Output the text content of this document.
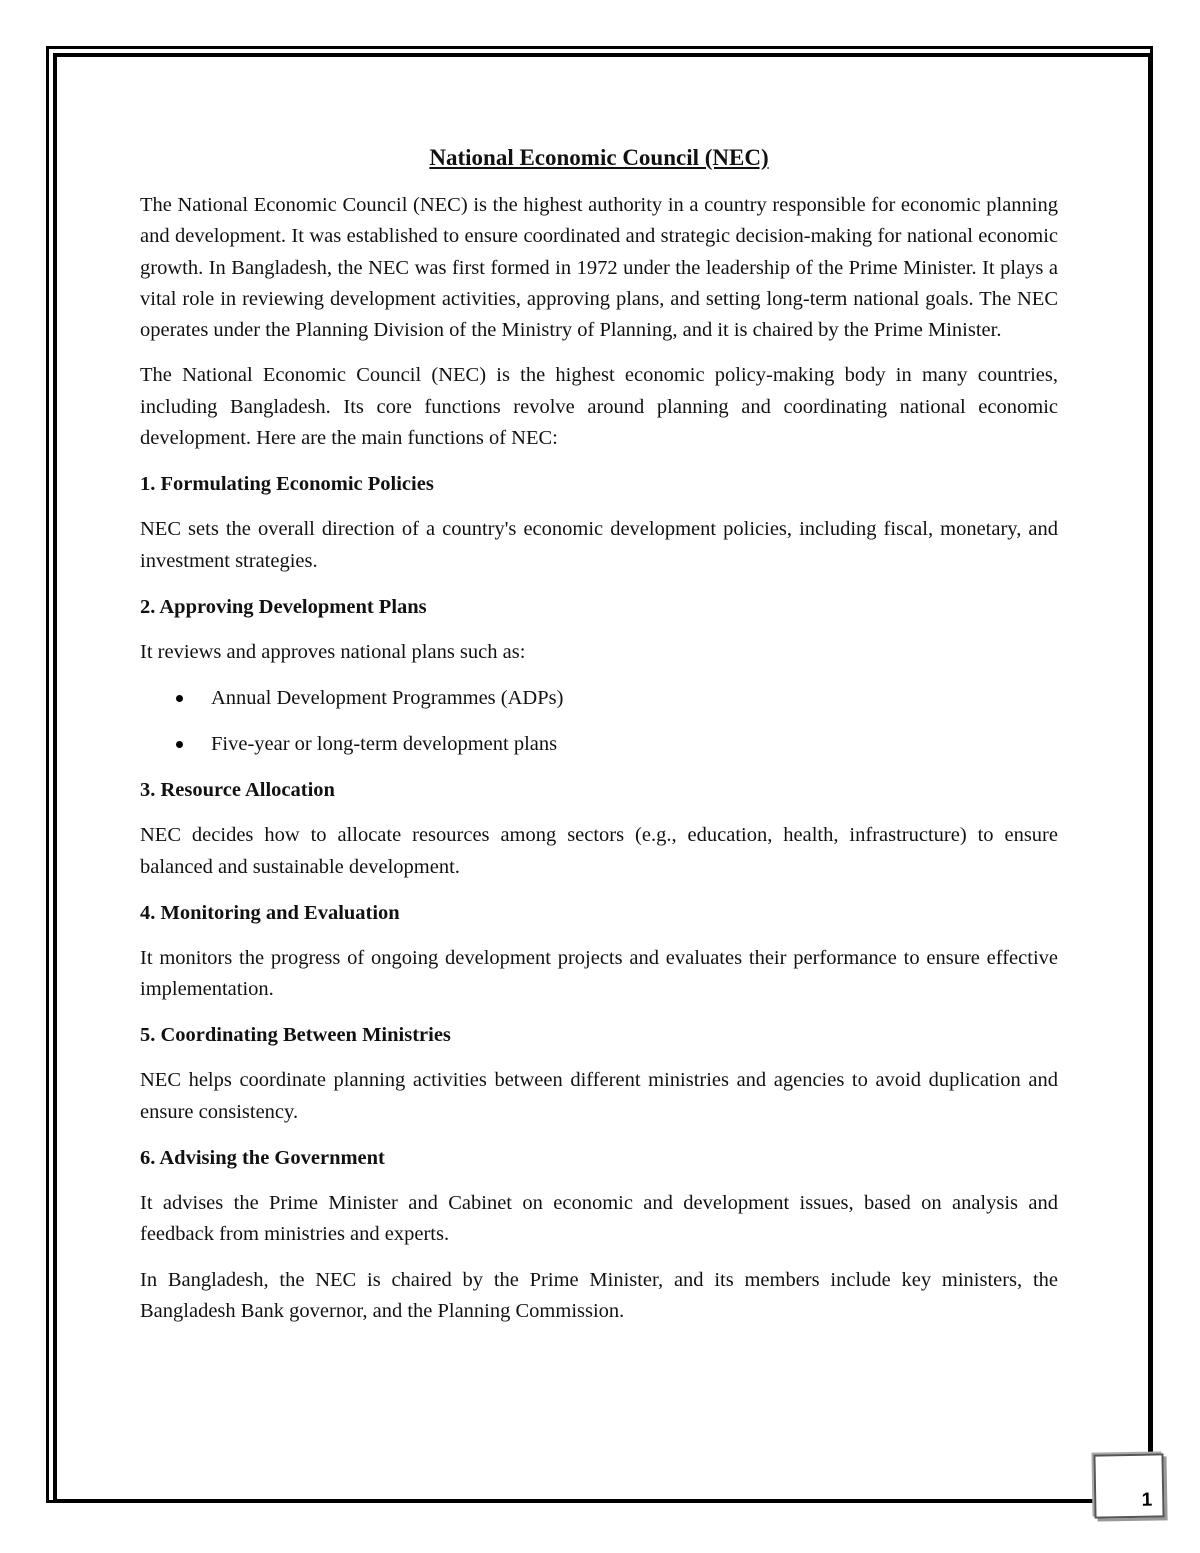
National Economic Council (NEC)

The National Economic Council (NEC) is the highest authority in a country responsible for economic planning and development. It was established to ensure coordinated and strategic decision-making for national economic growth. In Bangladesh, the NEC was first formed in 1972 under the leadership of the Prime Minister. It plays a vital role in reviewing development activities, approving plans, and setting long-term national goals. The NEC operates under the Planning Division of the Ministry of Planning, and it is chaired by the Prime Minister.

The National Economic Council (NEC) is the highest economic policy-making body in many countries, including Bangladesh. Its core functions revolve around planning and coordinating national economic development. Here are the main functions of NEC:

1. Formulating Economic Policies

NEC sets the overall direction of a country's economic development policies, including fiscal, monetary, and investment strategies.

2. Approving Development Plans

It reviews and approves national plans such as:

Annual Development Programmes (ADPs)
Five-year or long-term development plans
3. Resource Allocation

NEC decides how to allocate resources among sectors (e.g., education, health, infrastructure) to ensure balanced and sustainable development.

4. Monitoring and Evaluation

It monitors the progress of ongoing development projects and evaluates their performance to ensure effective implementation.

5. Coordinating Between Ministries

NEC helps coordinate planning activities between different ministries and agencies to avoid duplication and ensure consistency.

6. Advising the Government

It advises the Prime Minister and Cabinet on economic and development issues, based on analysis and feedback from ministries and experts.

In Bangladesh, the NEC is chaired by the Prime Minister, and its members include key ministers, the Bangladesh Bank governor, and the Planning Commission.

1
